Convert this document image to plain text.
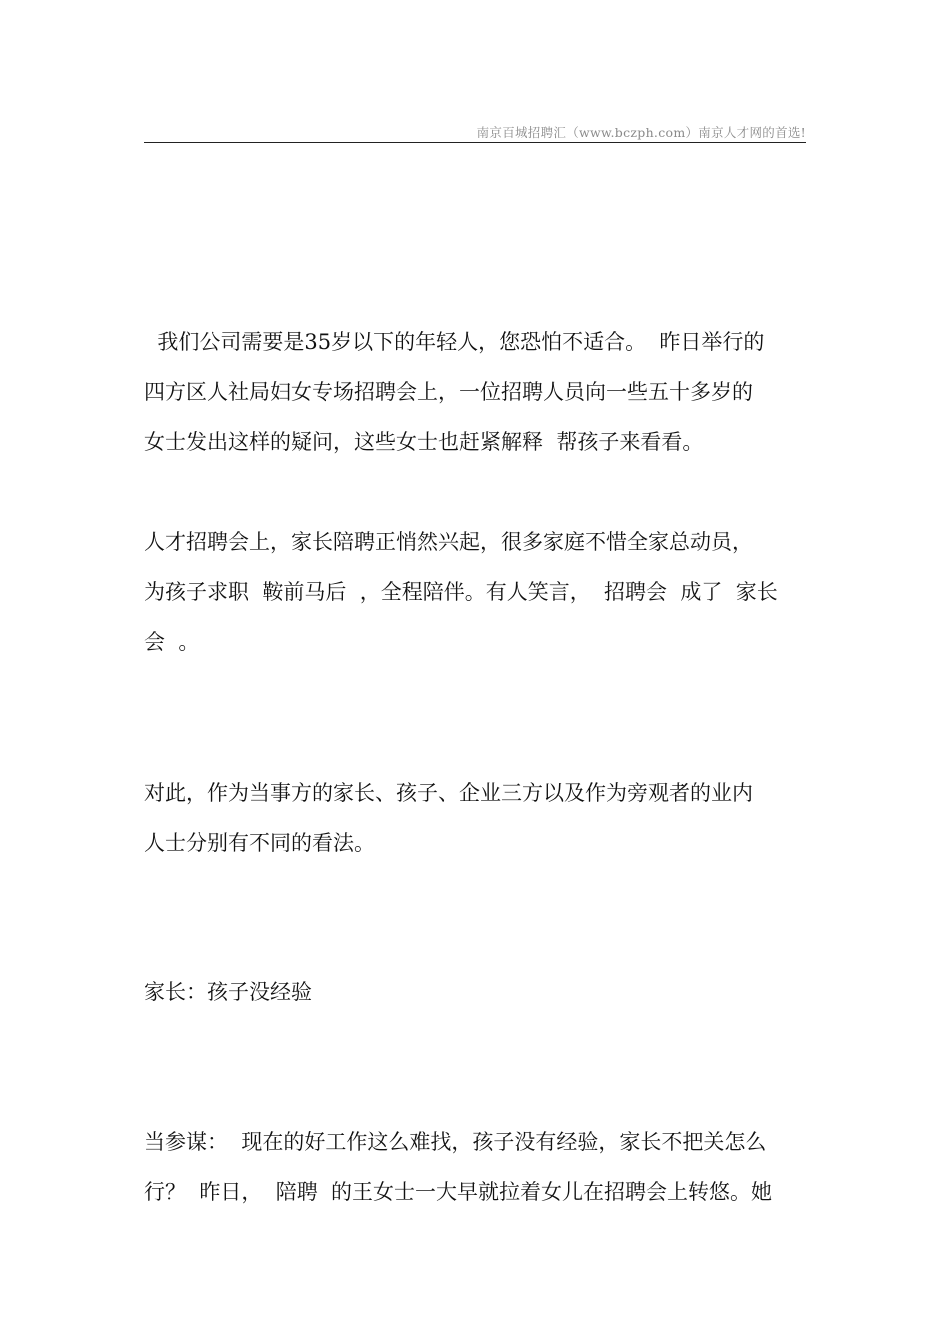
南京百城招聘汇（www.bczph.com）南京人才网的首选!
我们公司需要是35岁以下的年轻人，您恐怕不适合。  昨日举行的
四方区人社局妇女专场招聘会上，一位招聘人员向一些五十多岁的
女士发出这样的疑问，这些女士也赶紧解释  帮孩子来看看。
人才招聘会上，家长陪聘正悄然兴起，很多家庭不惜全家总动员，
为孩子求职  鞍前马后  ，全程陪伴。有人笑言，  招聘会  成了  家长
会  。
对此，作为当事方的家长、孩子、企业三方以及作为旁观者的业内
人士分别有不同的看法。
家长：孩子没经验
当参谋：  现在的好工作这么难找，孩子没有经验，家长不把关怎么
行？  昨日，  陪聘  的王女士一大早就拉着女儿在招聘会上转悠。她
